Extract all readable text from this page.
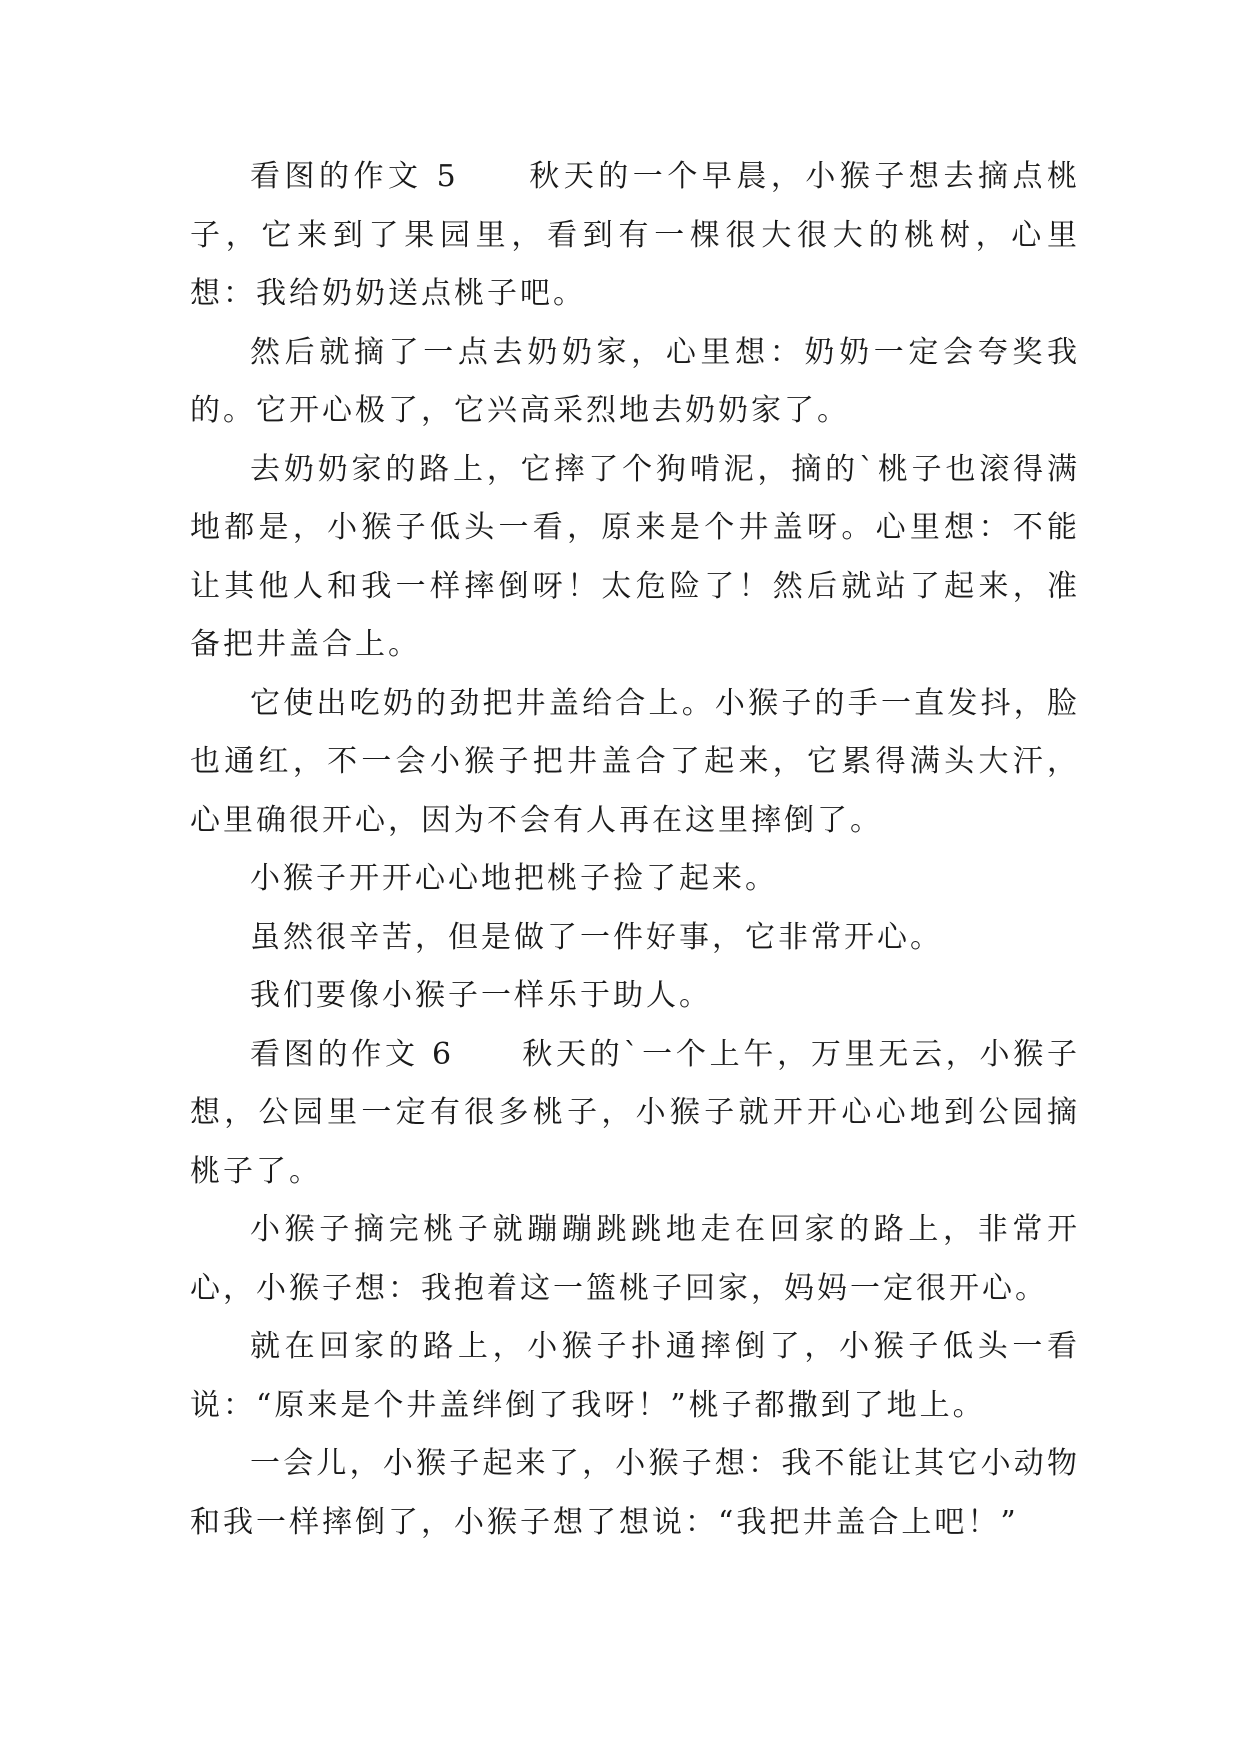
看图的作文 5　　秋天的一个早晨，小猴子想去摘点桃子，它来到了果园里，看到有一棵很大很大的桃树，心里想：我给奶奶送点桃子吧。

然后就摘了一点去奶奶家，心里想：奶奶一定会夸奖我的。它开心极了，它兴高采烈地去奶奶家了。

去奶奶家的路上，它摔了个狗啃泥，摘的`桃子也滚得满地都是，小猴子低头一看，原来是个井盖呀。心里想：不能让其他人和我一样摔倒呀！太危险了！然后就站了起来，准备把井盖合上。

它使出吃奶的劲把井盖给合上。小猴子的手一直发抖，脸也通红，不一会小猴子把井盖合了起来，它累得满头大汗，心里确很开心，因为不会有人再在这里摔倒了。

小猴子开开心心地把桃子捡了起来。

虽然很辛苦，但是做了一件好事，它非常开心。

我们要像小猴子一样乐于助人。

看图的作文 6　　秋天的`一个上午，万里无云，小猴子想，公园里一定有很多桃子，小猴子就开开心心地到公园摘桃子了。

小猴子摘完桃子就蹦蹦跳跳地走在回家的路上，非常开心，小猴子想：我抱着这一篮桃子回家，妈妈一定很开心。

就在回家的路上，小猴子扑通摔倒了，小猴子低头一看说：“原来是个井盖绊倒了我呀！”桃子都撒到了地上。

一会儿，小猴子起来了，小猴子想：我不能让其它小动物和我一样摔倒了，小猴子想了想说：“我把井盖合上吧！”
